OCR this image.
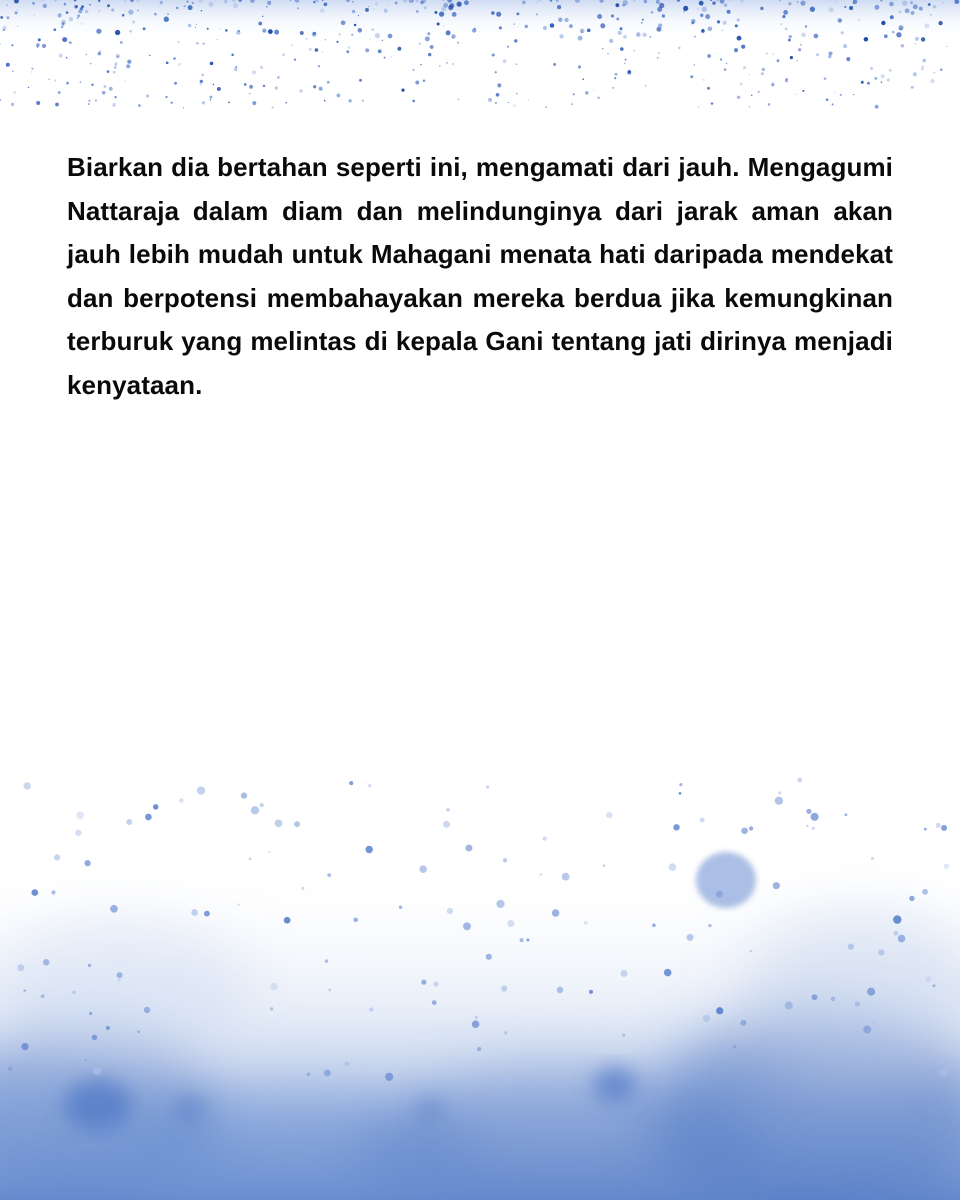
Biarkan dia bertahan seperti ini, mengamati dari jauh. Mengagumi Nattaraja dalam diam dan melindunginya dari jarak aman akan jauh lebih mudah untuk Mahagani menata hati daripada mendekat dan berpotensi membahayakan mereka berdua jika kemungkinan terburuk yang melintas di kepala Gani tentang jati dirinya menjadi kenyataan.
